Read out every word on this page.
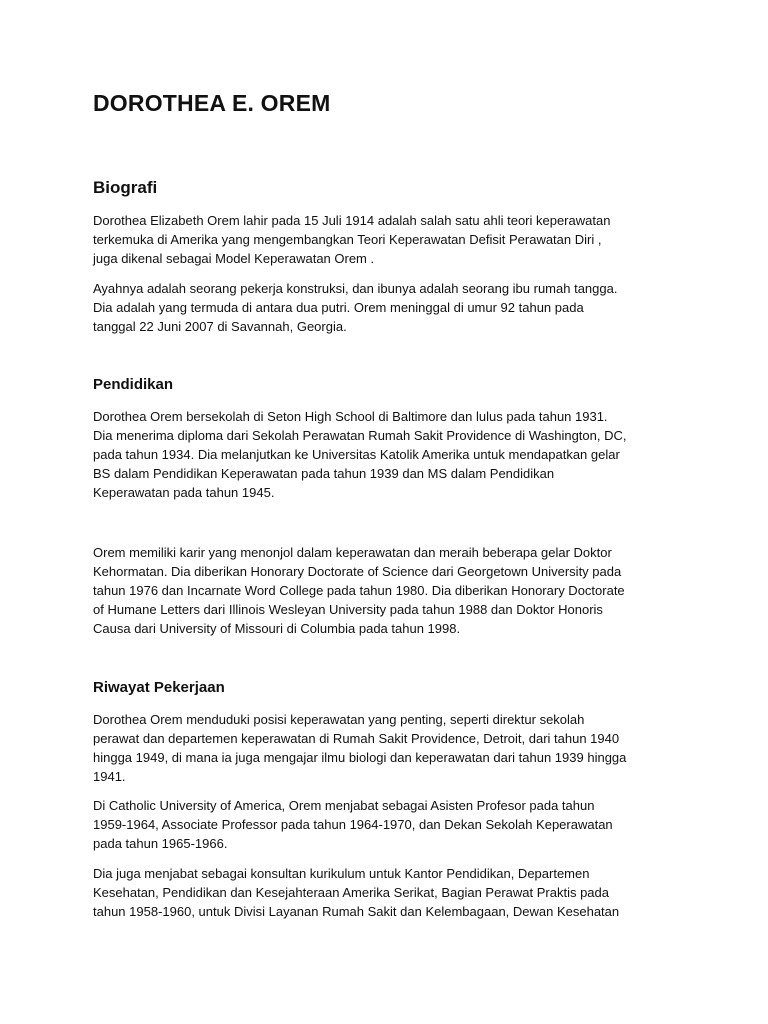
DOROTHEA E. OREM
Biografi

Dorothea Elizabeth Orem lahir pada 15 Juli 1914 adalah salah satu ahli teori keperawatan
terkemuka di Amerika yang mengembangkan Teori Keperawatan Defisit Perawatan Diri ,
juga dikenal sebagai Model Keperawatan Orem .

Ayahnya adalah seorang pekerja konstruksi, dan ibunya adalah seorang ibu rumah tangga.
Dia adalah yang termuda di antara dua putri. Orem meninggal di umur 92 tahun pada
tanggal 22 Juni 2007 di Savannah, Georgia.

Pendidikan

Dorothea Orem bersekolah di Seton High School di Baltimore dan lulus pada tahun 1931.
Dia menerima diploma dari Sekolah Perawatan Rumah Sakit Providence di Washington, DC,
pada tahun 1934. Dia melanjutkan ke Universitas Katolik Amerika untuk mendapatkan gelar
BS dalam Pendidikan Keperawatan pada tahun 1939 dan MS dalam Pendidikan
Keperawatan pada tahun 1945.

Orem memiliki karir yang menonjol dalam keperawatan dan meraih beberapa gelar Doktor
Kehormatan. Dia diberikan Honorary Doctorate of Science dari Georgetown University pada
tahun 1976 dan Incarnate Word College pada tahun 1980. Dia diberikan Honorary Doctorate
of Humane Letters dari Illinois Wesleyan University pada tahun 1988 dan Doktor Honoris
Causa dari University of Missouri di Columbia pada tahun 1998.

Riwayat Pekerjaan

Dorothea Orem menduduki posisi keperawatan yang penting, seperti direktur sekolah
perawat dan departemen keperawatan di Rumah Sakit Providence, Detroit, dari tahun 1940
hingga 1949, di mana ia juga mengajar ilmu biologi dan keperawatan dari tahun 1939 hingga
1941.

Di Catholic University of America, Orem menjabat sebagai Asisten Profesor pada tahun
1959-1964, Associate Professor pada tahun 1964-1970, dan Dekan Sekolah Keperawatan
pada tahun 1965-1966.

Dia juga menjabat sebagai konsultan kurikulum untuk Kantor Pendidikan, Departemen
Kesehatan, Pendidikan dan Kesejahteraan Amerika Serikat, Bagian Perawat Praktis pada
tahun 1958-1960, untuk Divisi Layanan Rumah Sakit dan Kelembagaan, Dewan Kesehatan
